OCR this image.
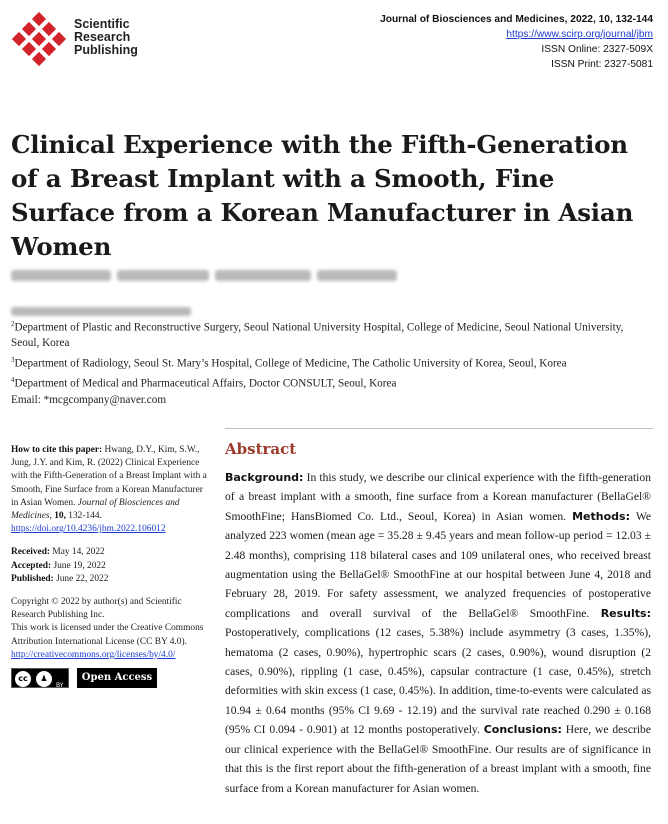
Scientific
Research
Publishing
Journal of Biosciences and Medicines, 2022, 10, 132-144
https://www.scirp.org/journal/jbm
ISSN Online: 2327-509X
ISSN Print: 2327-5081
Clinical Experience with the Fifth-Generation of a Breast Implant with a Smooth, Fine Surface from a Korean Manufacturer in Asian Women

$^2$Department of Plastic and Reconstructive Surgery, Seoul National University Hospital, College of Medicine, Seoul National University, Seoul, Korea

$^3$Department of Radiology, Seoul St. Mary’s Hospital, College of Medicine, The Catholic University of Korea, Seoul, Korea

$^4$Department of Medical and Pharmaceutical Affairs, Doctor CONSULT, Seoul, Korea

Email: *mcgcompany@naver.com

How to cite this paper: Hwang, D.Y., Kim, S.W., Jung, J.Y. and Kim, R. (2022) Clinical Experience with the Fifth-Generation of a Breast Implant with a Smooth, Fine Surface from a Korean Manufacturer in Asian Women. Journal of Biosciences and Medicines, 10, 132-144.
https://doi.org/10.4236/jbm.2022.106012
Received: May 14, 2022
Accepted: June 19, 2022
Published: June 22, 2022
Copyright © 2022 by author(s) and Scientific Research Publishing Inc.
This work is licensed under the Creative Commons Attribution International License (CC BY 4.0).
http://creativecommons.org/licenses/by/4.0/
cc	♟
BY
Open Access
Abstract
Background: In this study, we describe our clinical experience with the fifth-generation of a breast implant with a smooth, fine surface from a Korean manufacturer (BellaGel® SmoothFine; HansBiomed Co. Ltd., Seoul, Korea) in Asian women. Methods: We analyzed 223 women (mean age = 35.28 ± 9.45 years and mean follow-up period = 12.03 ± 2.48 months), comprising 118 bilateral cases and 109 unilateral ones, who received breast augmentation using the BellaGel® SmoothFine at our hospital between June 4, 2018 and February 28, 2019. For safety assessment, we analyzed frequencies of postoperative complications and overall survival of the BellaGel® SmoothFine. Results: Postoperatively, complications (12 cases, 5.38%) include asymmetry (3 cases, 1.35%), hematoma (2 cases, 0.90%), hypertrophic scars (2 cases, 0.90%), wound disruption (2 cases, 0.90%), rippling (1 case, 0.45%), capsular contracture (1 case, 0.45%), stretch deformities with skin excess (1 case, 0.45%). In addition, time-to-events were calculated as 10.94 ± 0.64 months (95% CI 9.69 - 12.19) and the survival rate reached 0.290 ± 0.168 (95% CI 0.094 - 0.901) at 12 months postoperatively. Conclusions: Here, we describe our clinical experience with the BellaGel® SmoothFine. Our results are of significance in that this is the first report about the fifth-generation of a breast implant with a smooth, fine surface from a Korean manufacturer for Asian women.
